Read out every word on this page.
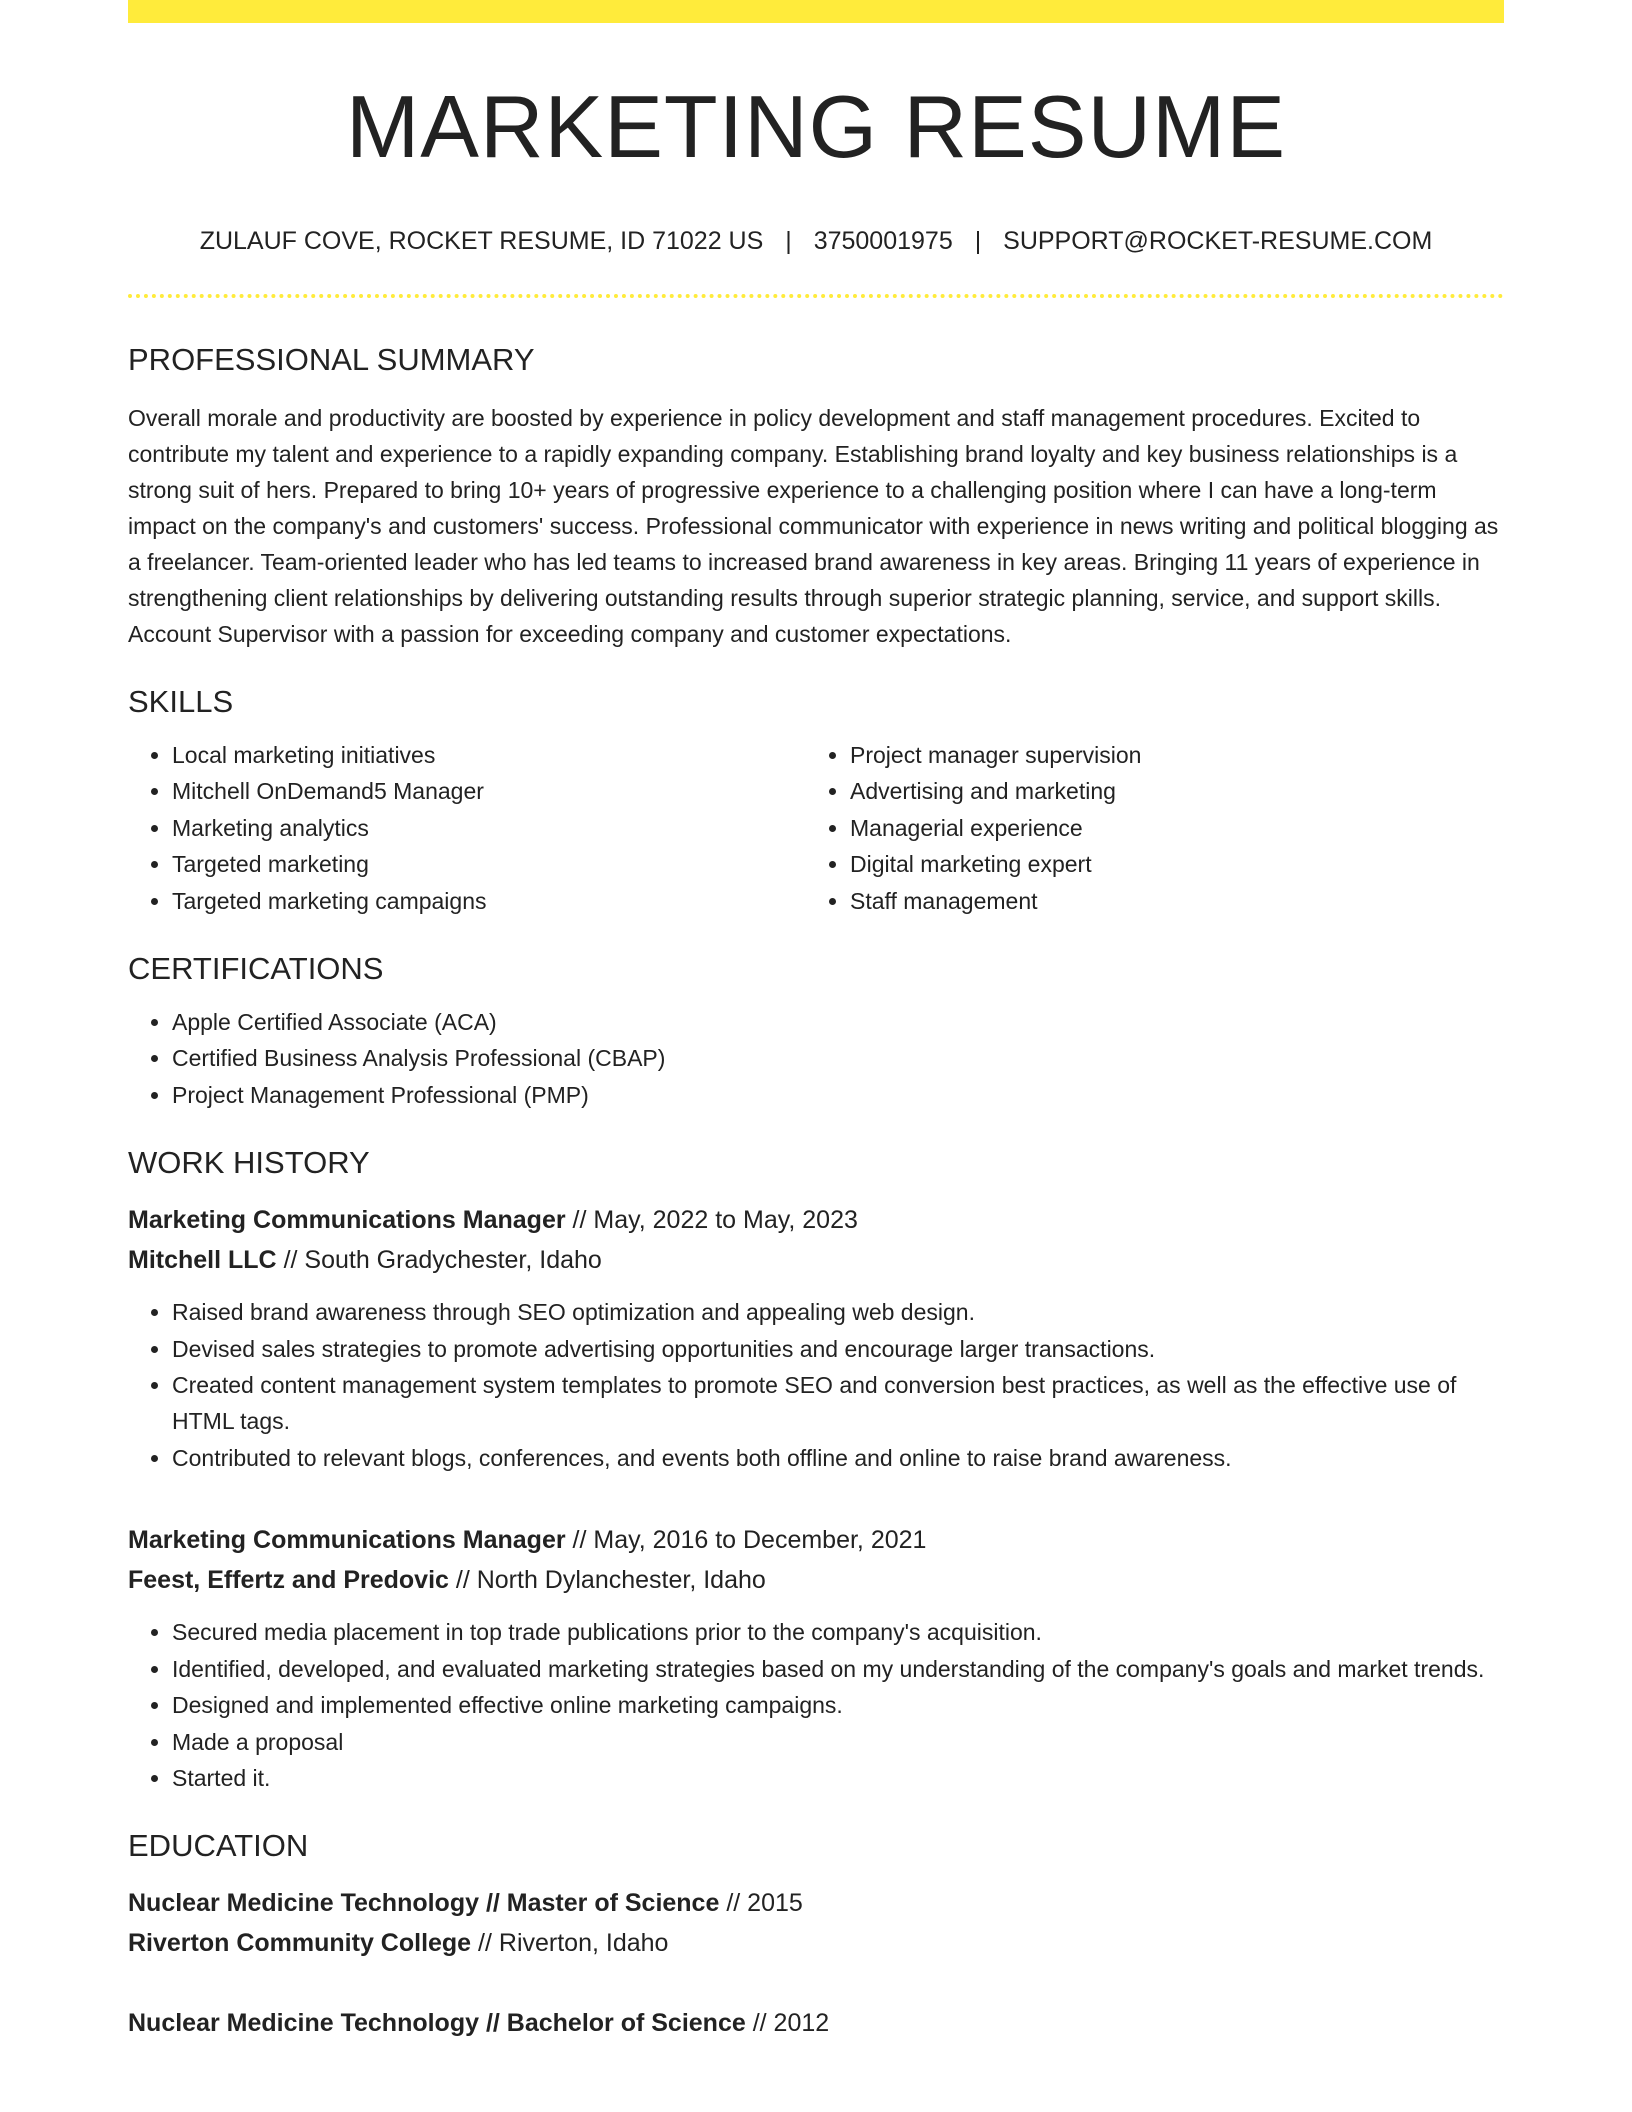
MARKETING RESUME
ZULAUF COVE, ROCKET RESUME, ID 71022 US | 3750001975 | SUPPORT@ROCKET-RESUME.COM
PROFESSIONAL SUMMARY

Overall morale and productivity are boosted by experience in policy development and staff management procedures. Excited to contribute my talent and experience to a rapidly expanding company. Establishing brand loyalty and key business relationships is a strong suit of hers. Prepared to bring 10+ years of progressive experience to a challenging position where I can have a long-term impact on the company's and customers' success. Professional communicator with experience in news writing and political blogging as a freelancer. Team-oriented leader who has led teams to increased brand awareness in key areas. Bringing 11 years of experience in strengthening client relationships by delivering outstanding results through superior strategic planning, service, and support skills. Account Supervisor with a passion for exceeding company and customer expectations.

SKILLS
• Local marketing initiatives
• Mitchell OnDemand5 Manager
• Marketing analytics
• Targeted marketing
• Targeted marketing campaigns
• Project manager supervision
• Advertising and marketing
• Managerial experience
• Digital marketing expert
• Staff management
CERTIFICATIONS
• Apple Certified Associate (ACA)
• Certified Business Analysis Professional (CBAP)
• Project Management Professional (PMP)
WORK HISTORY
Marketing Communications Manager // May, 2022 to May, 2023
Mitchell LLC // South Gradychester, Idaho
• Raised brand awareness through SEO optimization and appealing web design.
• Devised sales strategies to promote advertising opportunities and encourage larger transactions.
• Created content management system templates to promote SEO and conversion best practices, as well as the effective use of HTML tags.
• Contributed to relevant blogs, conferences, and events both offline and online to raise brand awareness.
Marketing Communications Manager // May, 2016 to December, 2021
Feest, Effertz and Predovic // North Dylanchester, Idaho
• Secured media placement in top trade publications prior to the company's acquisition.
• Identified, developed, and evaluated marketing strategies based on my understanding of the company's goals and market trends.
• Designed and implemented effective online marketing campaigns.
• Made a proposal
• Started it.
EDUCATION
Nuclear Medicine Technology // Master of Science // 2015
Riverton Community College // Riverton, Idaho
Nuclear Medicine Technology // Bachelor of Science // 2012
